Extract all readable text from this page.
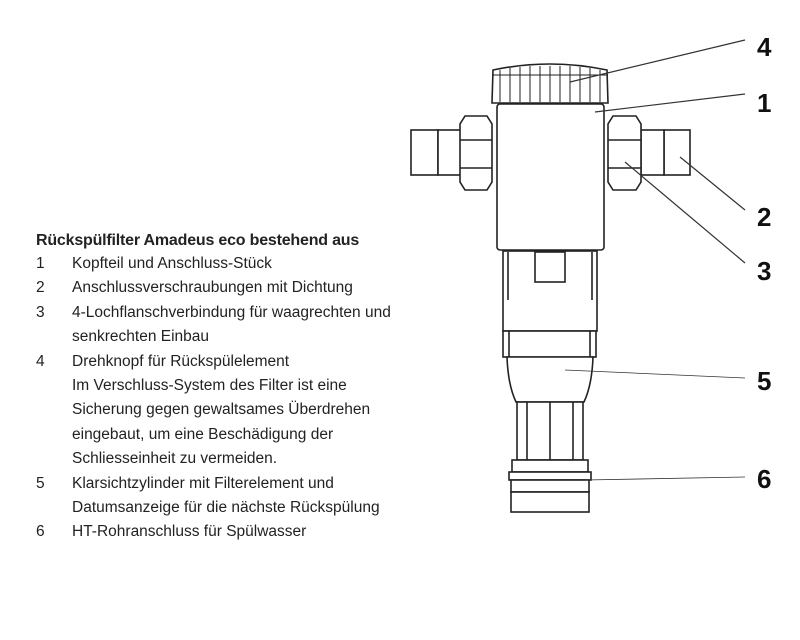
4
1
2
3
5
6
Rückspülfilter Amadeus eco bestehend aus
1	Kopfteil und Anschluss-Stück
2	Anschlussverschraubungen mit Dichtung
3	4-Lochflanschverbindung für waagrechten und
senkrechten Einbau
4	Drehknopf für Rückspülelement
Im Verschluss-System des Filter ist eine
Sicherung gegen gewaltsames Überdrehen
eingebaut, um eine Beschädigung der
Schliesseinheit zu vermeiden.
5	Klarsichtzylinder mit Filterelement und
Datumsanzeige für die nächste Rückspülung
6	HT-Rohranschluss für Spülwasser
